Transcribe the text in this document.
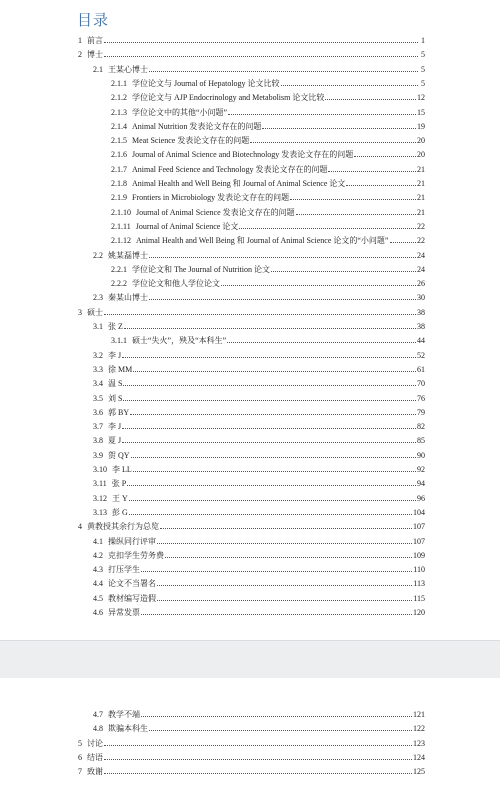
目录
1 前言	1
2 博士	5
2.1 王某心博士	5
2.1.1 学位论文与 Journal of Hepatology 论文比较	5
2.1.2 学位论文与 AJP Endocrinology and Metabolism 论文比较	12
2.1.3 学位论文中的其他“小问题”	15
2.1.4 Animal Nutrition 发表论文存在的问题	19
2.1.5 Meat Science 发表论文存在的问题	20
2.1.6 Journal of Animal Science and Biotechnology 发表论文存在的问题	20
2.1.7 Animal Feed Science and Technology 发表论文存在的问题	21
2.1.8 Animal Health and Well Being 和 Journal of Animal Science 论文	21
2.1.9 Frontiers in Microbiology 发表论文存在的问题	21
2.1.10 Journal of Animal Science 发表论文存在的问题	21
2.1.11 Journal of Animal Science 论文	22
2.1.12 Animal Health and Well Being 和 Journal of Animal Science 论文的“小问题”	22
2.2 姚某磊博士	24
2.2.1 学位论文和 The Journal of Nutrition 论文	24
2.2.2 学位论文和他人学位论文	26
2.3 秦某山博士	30
3 硕士	38
3.1 张 Z	38
3.1.1 硕士“失火”，殃及“本科生”	44
3.2 李 J	52
3.3 徐 MM	61
3.4 温 S	70
3.5 刘 S	76
3.6 郭 BY	79
3.7 李 J	82
3.8 夏 J	85
3.9 贺 QY	90
3.10 李 LL	92
3.11 张 P	94
3.12 王 Y	96
3.13 彭 G	104
4 黄教授其余行为总览	107
4.1 操纵同行评审	107
4.2 克扣学生劳务费	109
4.3 打压学生	110
4.4 论文不当署名	113
4.5 教材编写造假	115
4.6 异常发票	120
4.7 教学不端	121
4.8 欺骗本科生	122
5 讨论	123
6 结语	124
7 致谢	125
